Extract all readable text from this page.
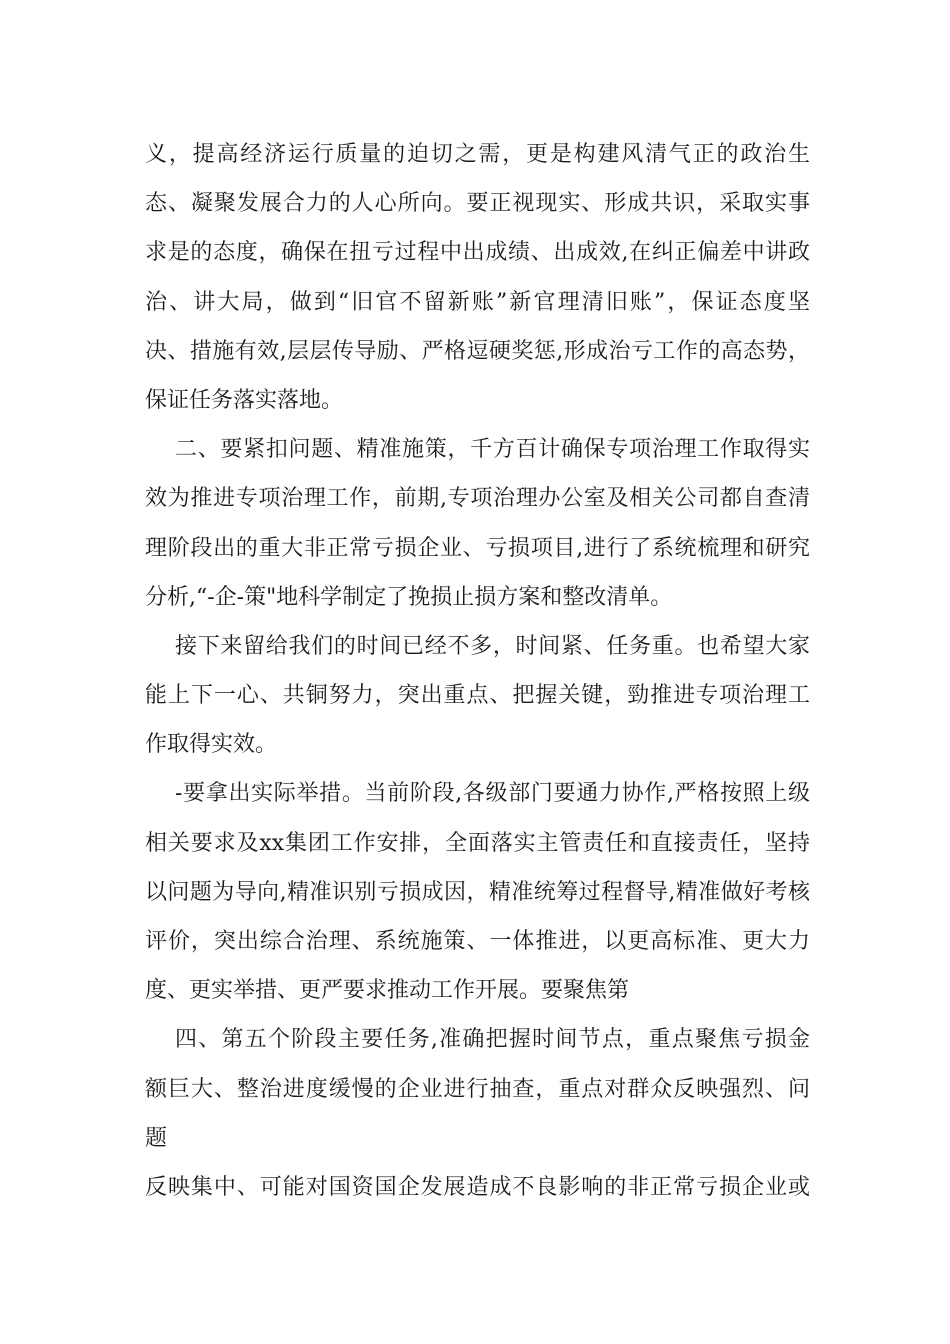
义，提高经济运行质量的迫切之需，更是构建风清气正的政治生
态、凝聚发展合力的人心所向。要正视现实、形成共识，采取实事
求是的态度，确保在扭亏过程中出成绩、出成效,在纠正偏差中讲政
治、讲大局，做到“旧官不留新账”新官理清旧账”，保证态度坚
决、措施有效,层层传导励、严格逗硬奖惩,形成治亏工作的高态势，
保证任务落实落地。
二、要紧扣问题、精准施策，千方百计确保专项治理工作取得实
效为推进专项治理工作，前期,专项治理办公室及相关公司都自查清
理阶段出的重大非正常亏损企业、亏损项目,进行了系统梳理和研究
分析,“-企-策"地科学制定了挽损止损方案和整改清单。
接下来留给我们的时间已经不多，时间紧、任务重。也希望大家
能上下一心、共铜努力，突出重点、把握关键，勁推进专项治理工
作取得实效。
-要拿出实际举措。当前阶段,各级部门要通力协作,严格按照上级
相关要求及xx集团工作安排，全面落实主管责任和直接责任，坚持
以问题为导向,精准识别亏损成因，精准统筹过程督导,精准做好考核
评价，突出综合治理、系统施策、一体推进，以更高标准、更大力
度、更实举措、更严要求推动工作开展。要聚焦第
四、第五个阶段主要任务,准确把握时间节点，重点聚焦亏损金
额巨大、整治进度缓慢的企业进行抽查，重点对群众反映强烈、问
题
反映集中、可能对国资国企发展造成不良影响的非正常亏损企业或
